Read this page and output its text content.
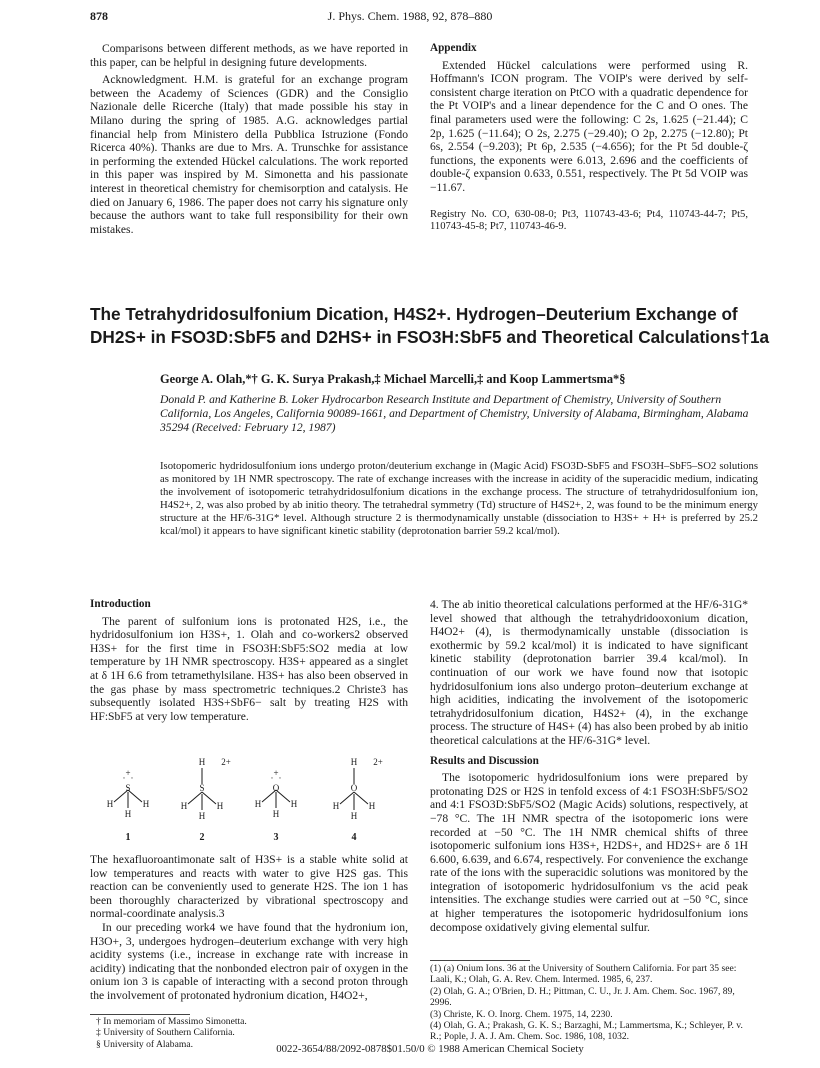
878	J. Phys. Chem. 1988, 92, 878–880

Comparisons between different methods, as we have reported in this paper, can be helpful in designing future developments.

Acknowledgment. H.M. is grateful for an exchange program between the Academy of Sciences (GDR) and the Consiglio Nazionale delle Ricerche (Italy) that made possible his stay in Milano during the spring of 1985. A.G. acknowledges partial financial help from Ministero della Pubblica Istruzione (Fondo Ricerca 40%). Thanks are due to Mrs. A. Trunschke for assistance in performing the extended Hückel calculations. The work reported in this paper was inspired by M. Simonetta and his passionate interest in theoretical chemistry for chemisorption and catalysis. He died on January 6, 1986. The paper does not carry his signature only because the authors want to take full responsibility for their own mistakes.

Appendix

Extended Hückel calculations were performed using R. Hoffmann's ICON program. The VOIP's were derived by self-consistent charge iteration on PtCO with a quadratic dependence for the Pt VOIP's and a linear dependence for the C and O ones. The final parameters used were the following: C 2s, 1.625 (−21.44); C 2p, 1.625 (−11.64); O 2s, 2.275 (−29.40); O 2p, 2.275 (−12.80); Pt 6s, 2.554 (−9.203); Pt 6p, 2.535 (−4.656); for the Pt 5d double-ζ functions, the exponents were 6.013, 2.696 and the coefficients of double-ζ expansion 0.633, 0.551, respectively. The Pt 5d VOIP was −11.67.

Registry No. CO, 630-08-0; Pt3, 110743-43-6; Pt4, 110743-44-7; Pt5, 110743-45-8; Pt7, 110743-46-9.

The Tetrahydridosulfonium Dication, H4S2+. Hydrogen–Deuterium Exchange of DH2S+ in FSO3D:SbF5 and D2HS+ in FSO3H:SbF5 and Theoretical Calculations†1a
George A. Olah,*† G. K. Surya Prakash,‡ Michael Marcelli,‡ and Koop Lammertsma*§
Donald P. and Katherine B. Loker Hydrocarbon Research Institute and Department of Chemistry, University of Southern California, Los Angeles, California 90089-1661, and Department of Chemistry, University of Alabama, Birmingham, Alabama 35294 (Received: February 12, 1987)
Isotopomeric hydridosulfonium ions undergo proton/deuterium exchange in (Magic Acid) FSO3D-SbF5 and FSO3H–SbF5–SO2 solutions as monitored by 1H NMR spectroscopy. The rate of exchange increases with the increase in acidity of the superacidic medium, indicating the involvement of isotopomeric tetrahydridosulfonium dications in the exchange process. The structure of tetrahydridosulfonium ion, H4S2+, 2, was also probed by ab initio theory. The tetrahedral symmetry (Td) structure of H4S2+, 2, was found to be the minimum energy structure at the HF/6-31G* level. Although structure 2 is thermodynamically unstable (dissociation to H3S+ + H+ is preferred by 25.2 kcal/mol) it appears to have significant kinetic stability (deprotonation barrier 59.2 kcal/mol).
Introduction

The parent of sulfonium ions is protonated H2S, i.e., the hydridosulfonium ion H3S+, 1. Olah and co-workers2 observed H3S+ for the first time in FSO3H:SbF5:SO2 media at low temperature by 1H NMR spectroscopy. H3S+ appeared as a singlet at δ 1H 6.6 from tetramethylsilane. H3S+ has also been observed in the gas phase by mass spectrometric techniques.2 Christe3 has subsequently isolated H3S+SbF6− salt by treating H2S with HF:SbF5 at very low temperature.

+
· ·
S
H	H
H
H 2+
S
H	H
H
+
· ·
O
H	H
H
H 2+
O
H	H
H
1	2	3	4

The hexafluoroantimonate salt of H3S+ is a stable white solid at low temperatures and reacts with water to give H2S gas. This reaction can be conveniently used to generate H2S. The ion 1 has been thoroughly characterized by vibrational spectroscopy and normal-coordinate analysis.3

In our preceding work4 we have found that the hydronium ion, H3O+, 3, undergoes hydrogen–deuterium exchange with very high acidity systems (i.e., increase in exchange rate with increase in acidity) indicating that the nonbonded electron pair of oxygen in the onium ion 3 is capable of interacting with a second proton through the involvement of protonated hydronium dication, H4O2+,

4. The ab initio theoretical calculations performed at the HF/6-31G* level showed that although the tetrahydridooxonium dication, H4O2+ (4), is thermodynamically unstable (dissociation is exothermic by 59.2 kcal/mol) it is indicated to have significant kinetic stability (deprotonation barrier 39.4 kcal/mol). In continuation of our work we have found now that isotopic hydridosulfonium ions also undergo proton–deuterium exchange at high acidities, indicating the involvement of the isotopomeric tetrahydridosulfonium dication, H4S2+ (4), in the exchange process. The structure of H4S+ (4) has also been probed by ab initio theoretical calculations at the HF/6-31G* level.

Results and Discussion

The isotopomeric hydridosulfonium ions were prepared by protonating D2S or H2S in tenfold excess of 4:1 FSO3H:SbF5/SO2 and 4:1 FSO3D:SbF5/SO2 (Magic Acids) solutions, respectively, at −78 °C. The 1H NMR spectra of the isotopomeric ions were recorded at −50 °C. The 1H NMR chemical shifts of three isotopomeric sulfonium ions H3S+, H2DS+, and HD2S+ are δ 1H 6.600, 6.639, and 6.674, respectively. For convenience the exchange rate of the ions with the superacidic solutions was monitored by the integration of isotopomeric hydridosulfonium vs the acid peak intensities. The exchange studies were carried out at −50 °C, since at higher temperatures the isotopomeric hydridosulfonium ions decompose oxidatively giving elemental sulfur.

† In memoriam of Massimo Simonetta.
‡ University of Southern California.
§ University of Alabama.
(1) (a) Onium Ions. 36 at the University of Southern California. For part 35 see: Laali, K.; Olah, G. A. Rev. Chem. Intermed. 1985, 6, 237.
(2) Olah, G. A.; O'Brien, D. H.; Pittman, C. U., Jr. J. Am. Chem. Soc. 1967, 89, 2996.
(3) Christe, K. O. Inorg. Chem. 1975, 14, 2230.
(4) Olah, G. A.; Prakash, G. K. S.; Barzaghi, M.; Lammertsma, K.; Schleyer, P. v. R.; Pople, J. A. J. Am. Chem. Soc. 1986, 108, 1032.
0022-3654/88/2092-0878$01.50/0 © 1988 American Chemical Society
